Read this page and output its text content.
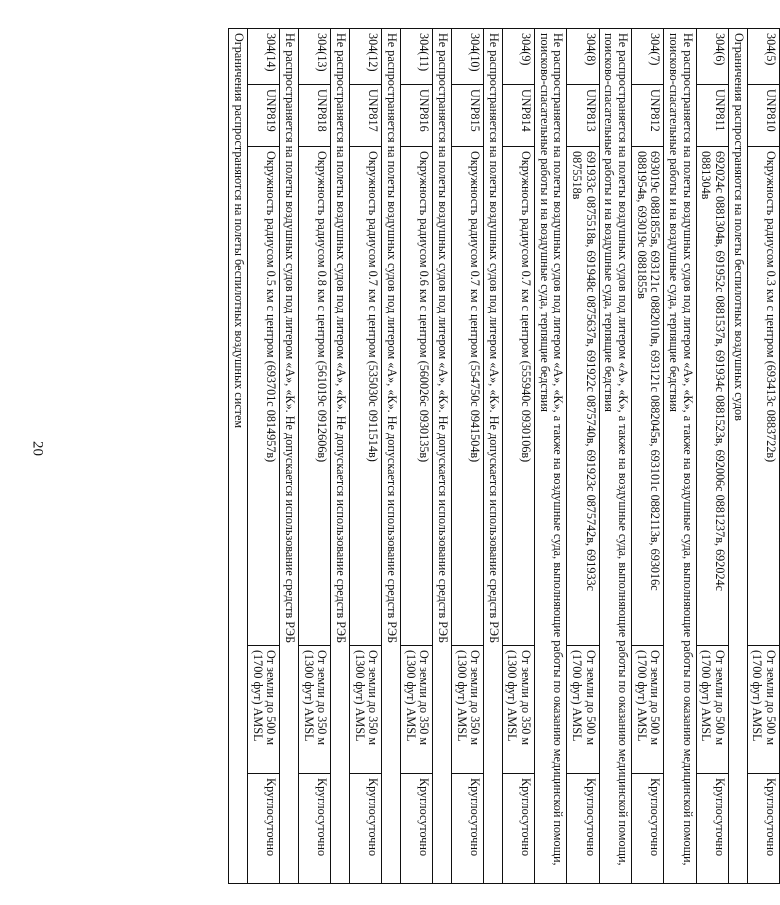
20
304(5)	UNP810	Окружность радиусом 0.3 км с центром (693413с 0883722в)	От земли до 500 м (1700 фут) AMSL	Круглосуточно
Ограничения распространяются на полеты беспилотных воздушных судов				
304(6)	UNP811	692024с 0881304в, 691952с 0881537в, 691934с 0881523в, 692006с 0881237в, 692024с 0881304в	От земли до 500 м (1700 фут) AMSL	Круглосуточно
Не распространяется на полеты воздушных судов под литером «А», «К», а также на воздушные суда, выполняющие работы по оказанию медицинской помощи, поисково-спасательные работы и на воздушные суда, терпящие бедствия				
304(7)	UNP812	693019с 0881855в, 693121с 0882010в, 693121с 0882045в, 693101с 0882113в, 693016с 0881954в, 693019с 0881855в	От земли до 500 м (1700 фут) AMSL	Круглосуточно
Не распространяется на полеты воздушных судов под литером «А», «К», а также на воздушные суда, выполняющие работы по оказанию медицинской помощи, поисково-спасательные работы и на воздушные суда, терпящие бедствия				
304(8)	UNP813	691933с 0875518в, 691948с 0875637в, 691922с 0875740в, 691923с 0875742в, 691933с 0875518в	От земли до 500 м (1700 фут) AMSL	Круглосуточно
Не распространяется на полеты воздушных судов под литером «А», «К», а также на воздушные суда, выполняющие работы по оказанию медицинской помощи, поисково-спасательные работы и на воздушные суда, терпящие бедствия				
304(9)	UNP814	Окружность радиусом 0.7 км с центром (555940с 0930106в)	От земли до 350 м (1300 фут) AMSL	Круглосуточно
Не распространяется на полеты воздушных судов под литером «А», «К». Не допускается использование средств РЭБ				
304(10)	UNP815	Окружность радиусом 0.7 км с центром (554750с 0941504в)	От земли до 350 м (1300 фут) AMSL	Круглосуточно
Не распространяется на полеты воздушных судов под литером «А», «К». Не допускается использование средств РЭБ				
304(11)	UNP816	Окружность радиусом 0.6 км с центром (560026с 0930135в)	От земли до 350 м (1300 фут) AMSL	Круглосуточно
Не распространяется на полеты воздушных судов под литером «А», «К». Не допускается использование средств РЭБ				
304(12)	UNP817	Окружность радиусом 0.7 км с центром (535030с 0911514в)	От земли до 350 м (1300 фут) AMSL	Круглосуточно
Не распространяется на полеты воздушных судов под литером «А», «К». Не допускается использование средств РЭБ				
304(13)	UNP818	Окружность радиусом 0.8 км с центром (561019с 0912606в)	От земли до 350 м (1300 фут) AMSL	Круглосуточно
Не распространяется на полеты воздушных судов под литером «А», «К». Не допускается использование средств РЭБ				
304(14)	UNP819	Окружность радиусом 0.5 км с центром (693701с 0814957в)	От земли до 500 м (1700 фут) AMSL	Круглосуточно
Ограничения распространяются на полеты беспилотных воздушных систем				
